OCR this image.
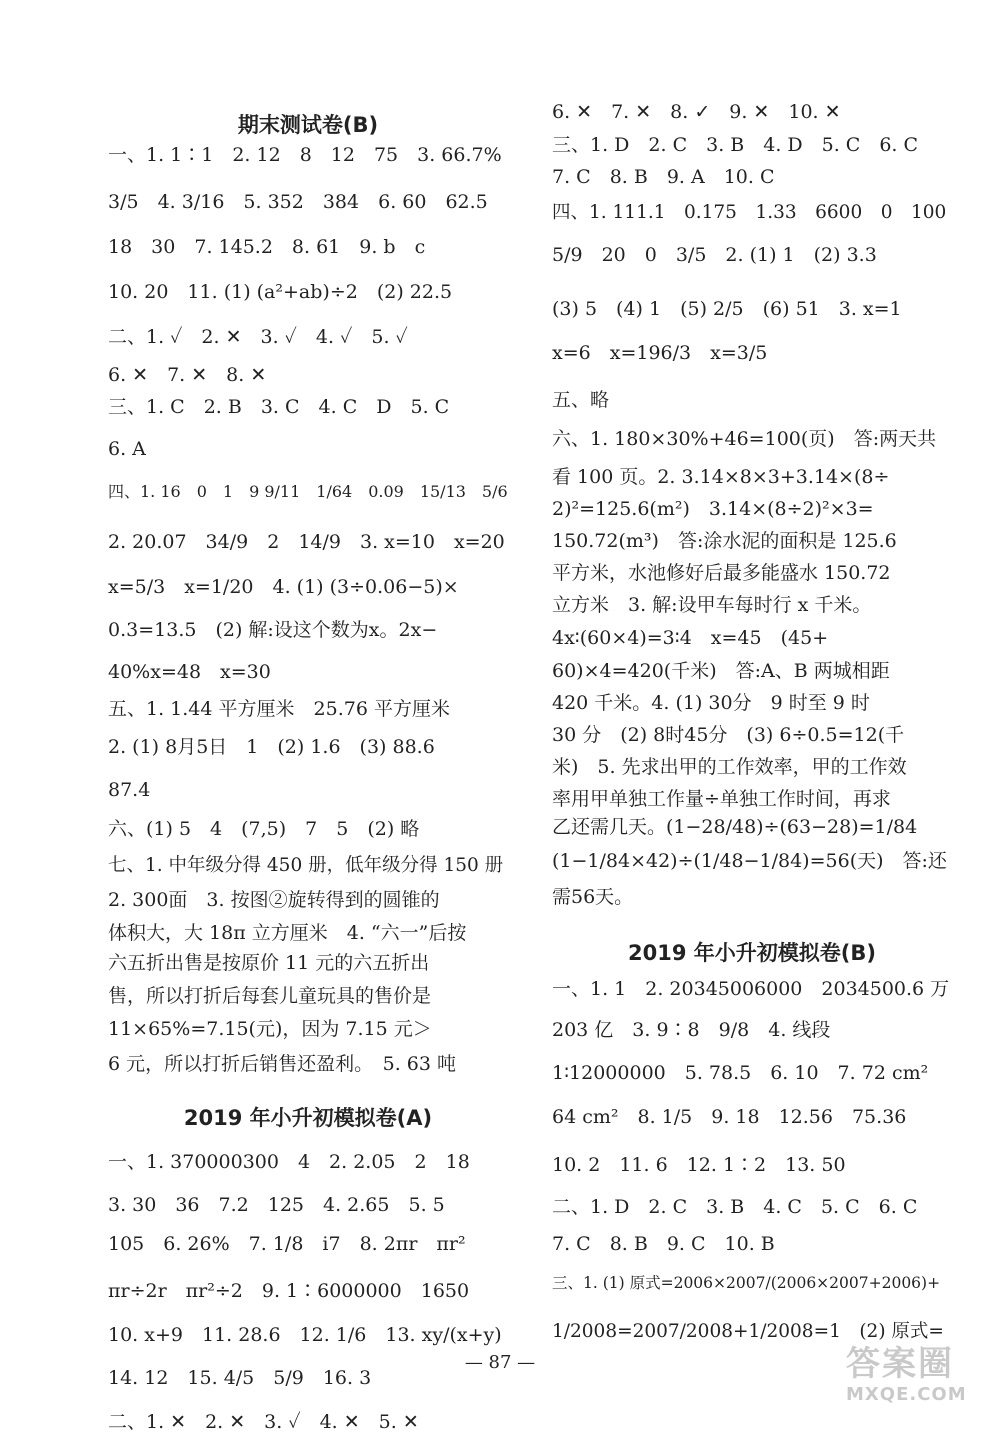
期末测试卷(B)
一、1. 1∶1　2. 12　8　12　75　3. 66.7%
3/5　4. 3/16　5. 352　384　6. 60　62.5
18　30　7. 145.2　8. 61　9. b　c
10. 20　11. (1) (a²+ab)÷2　(2) 22.5
二、1. ✓　2. ✕　3. ✓　4. ✓　5. ✓
6. ✕　7. ✕　8. ✕
三、1. C　2. B　3. C　4. C　D　5. C
6. A
四、1. 16　0　1　9 9/11　1/64　0.09　15/13　5/6
2. 20.07　34/9　2　14/9　3. x=10　x=20
x=5/3　x=1/20　4. (1) (3÷0.06−5)×
0.3=13.5　(2) 解:设这个数为x。2x−
40%x=48　x=30
五、1. 1.44 平方厘米　25.76 平方厘米
2. (1) 8月5日　1　(2) 1.6　(3) 88.6
87.4
六、(1) 5　4　(7,5)　7　5　(2) 略
七、1. 中年级分得 450 册，低年级分得 150 册
2. 300面　3. 按图②旋转得到的圆锥的
体积大，大 18π 立方厘米　4. “六一”后按
六五折出售是按原价 11 元的六五折出
售，所以打折后每套儿童玩具的售价是
11×65%=7.15(元)，因为 7.15 元＞
6 元，所以打折后销售还盈利。　5. 63 吨
2019 年小升初模拟卷(A)
一、1. 370000300　4　2. 2.05　2　18
3. 30　36　7.2　125　4. 2.65　5. 5
105　6. 26%　7. 1/8　i7　8. 2πr　πr²
πr÷2r　πr²÷2　9. 1∶6000000　1650
10. x+9　11. 28.6　12. 1/6　13. xy/(x+y)
14. 12　15. 4/5　5/9　16. 3
二、1. ✕　2. ✕　3. ✓　4. ✕　5. ✕
6. ✕　7. ✕　8. ✓　9. ✕　10. ✕
三、1. D　2. C　3. B　4. D　5. C　6. C
7. C　8. B　9. A　10. C
四、1. 111.1　0.175　1.33　6600　0　100
5/9　20　0　3/5　2. (1) 1　(2) 3.3
(3) 5　(4) 1　(5) 2/5　(6) 51　3. x=1
x=6　x=196/3　x=3/5
五、略
六、1. 180×30%+46=100(页)　答:两天共
看 100 页。2. 3.14×8×3+3.14×(8÷
2)²=125.6(m²)　3.14×(8÷2)²×3=
150.72(m³)　答:涂水泥的面积是 125.6
平方米，水池修好后最多能盛水 150.72
立方米　3. 解:设甲车每时行 x 千米。
4x∶(60×4)=3∶4　x=45　(45+
60)×4=420(千米)　答:A、B 两城相距
420 千米。4. (1) 30分　9 时至 9 时
30 分　(2) 8时45分　(3) 6÷0.5=12(千
米)　5. 先求出甲的工作效率，甲的工作效
率用甲单独工作量÷单独工作时间，再求
乙还需几天。(1−28/48)÷(63−28)=1/84
(1−1/84×42)÷(1/48−1/84)=56(天)　答:还
需56天。
2019 年小升初模拟卷(B)
一、1. 1　2. 20345006000　2034500.6 万
203 亿　3. 9∶8　9/8　4. 线段
1∶12000000　5. 78.5　6. 10　7. 72 cm²
64 cm²　8. 1/5　9. 18　12.56　75.36
10. 2　11. 6　12. 1∶2　13. 50
二、1. D　2. C　3. B　4. C　5. C　6. C
7. C　8. B　9. C　10. B
三、1. (1) 原式=2006×2007/(2006×2007+2006)+
1/2008=2007/2008+1/2008=1　(2) 原式=
— 87 —	答案圈
MXQE.COM
